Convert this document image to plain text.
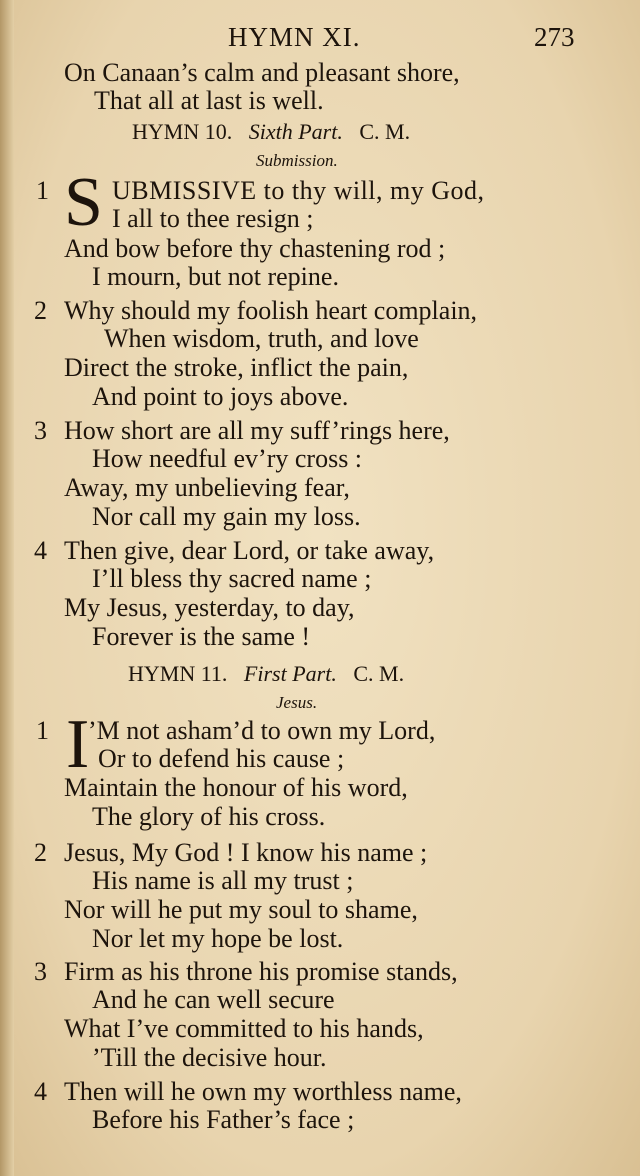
HYMN XI.	273
On Canaan’s calm and pleasant shore,
That all at last is well.
HYMN 10. Sixth Part. C. M.
Submission.
1 S UBMISSIVE to thy will, my God,
I all to thee resign ;
And bow before thy chastening rod ;
I mourn, but not repine.
2 Why should my foolish heart complain,
When wisdom, truth, and love
Direct the stroke, inflict the pain,
And point to joys above.
3 How short are all my suff’rings here,
How needful ev’ry cross :
Away, my unbelieving fear,
Nor call my gain my loss.
4 Then give, dear Lord, or take away,
I’ll bless thy sacred name ;
My Jesus, yesterday, to day,
Forever is the same !
HYMN 11. First Part. C. M.
Jesus.
1 I
’M not asham’d to own my Lord,
Or to defend his cause ;
Maintain the honour of his word,
The glory of his cross.
2 Jesus, My God ! I know his name ;
His name is all my trust ;
Nor will he put my soul to shame,
Nor let my hope be lost.
3 Firm as his throne his promise stands,
And he can well secure
What I’ve committed to his hands,
’Till the decisive hour.
4 Then will he own my worthless name,
Before his Father’s face ;
